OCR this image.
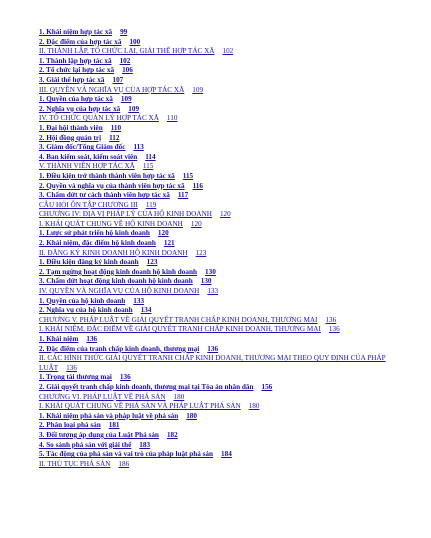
1. Khái niệm hợp tác xã 99
2. Đặc điểm của hợp tác xã 100
II. THÀNH LẬP, TỔ CHỨC LẠI, GIẢI THỂ HỢP TÁC XÃ 102
1. Thành lập hợp tác xã 102
2. Tổ chức lại hợp tác xã 106
3. Giải thể hợp tác xã 107
III. QUYỀN VÀ NGHĨA VỤ CỦA HỢP TÁC XÃ 109
1. Quyền của hợp tác xã 109
2. Nghĩa vụ của hợp tác xã 109
IV. TỔ CHỨC QUẢN LÝ HỢP TÁC XÃ 110
1. Đại hội thành viên 110
2. Hội đồng quản trị 112
3. Giám đốc/Tổng Giám đốc 113
4. Ban kiểm soát, kiểm soát viên 114
V. THÀNH VIÊN HỢP TÁC XÃ 115
1. Điều kiện trở thành thành viên hợp tác xã 115
2. Quyền và nghĩa vụ của thành viên hợp tác xã 116
3. Chấm dứt tư cách thành viên hợp tác xã 117
CÂU HỎI ÔN TẬP CHƯƠNG III 119
CHƯƠNG IV: ĐỊA VỊ PHÁP LÝ CỦA HỘ KINH DOANH 120
I. KHÁI QUÁT CHUNG VỀ HỘ KINH DOANH 120
1. Lược sử phát triển hộ kinh doanh 120
2. Khái niệm, đặc điểm hộ kinh doanh 121
II. ĐĂNG KÝ KINH DOANH HỘ KINH DOANH 123
1. Điều kiện đăng ký kinh doanh 123
2. Tạm ngừng hoạt động kinh doanh hộ kinh doanh 130
3. Chấm dứt hoạt động kinh doanh hộ kinh doanh 130
IV. QUYỀN VÀ NGHĨA VỤ CỦA HỘ KINH DOANH 133
1. Quyền của hộ kinh doanh 133
2. Nghĩa vụ của hộ kinh doanh 134
CHƯƠNG V. PHÁP LUẬT VỀ GIẢI QUYẾT TRANH CHẤP KINH DOANH, THƯƠNG MẠI 136
I. KHÁI NIỆM, ĐẶC ĐIỂM VỀ GIẢI QUYẾT TRANH CHẤP KINH DOANH, THƯƠNG MẠI 136
1. Khái niệm 136
2. Đặc điểm của tranh chấp kinh doanh, thương mại 136
II. CÁC HÌNH THỨC GIẢI QUYẾT TRANH CHẤP KINH DOANH, THƯƠNG MẠI THEO QUY ĐỊNH CỦA PHÁP LUẬT 136
1. Trọng tài thương mại 136
2. Giải quyết tranh chấp kinh doanh, thương mại tại Tòa án nhân dân 156
CHƯƠNG VI. PHÁP LUẬT VỀ PHÁ SẢN 180
I. KHÁI QUÁT CHUNG VỀ PHÁ SẢN VÀ PHÁP LUẬT PHÁ SẢN 180
1. Khái niệm phá sản và pháp luật về phá sản 180
2. Phân loại phá sản 181
3. Đối tượng áp dụng của Luật Phá sản 182
4. So sánh phá sản với giải thể 183
5. Tác động của phá sản và vai trò của pháp luật phá sản 184
II. THỦ TỤC PHÁ SẢN 186
